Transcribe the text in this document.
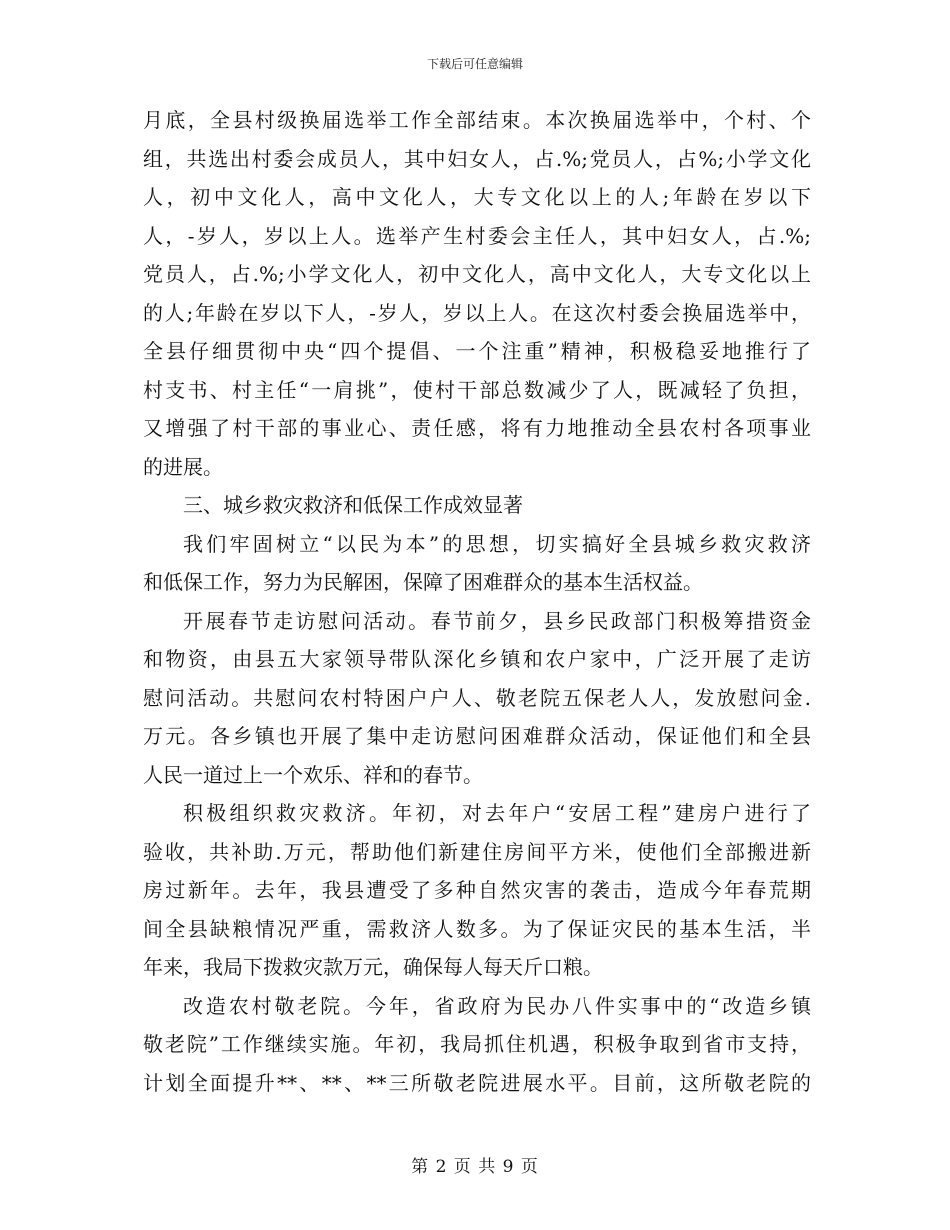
下载后可任意编辑
月底，全县村级换届选举工作全部结束。本次换届选举中，个村、个
组，共选出村委会成员人，其中妇女人，占.%;党员人，占%;小学文化
人，初中文化人，高中文化人，大专文化以上的人;年龄在岁以下
人，-岁人，岁以上人。选举产生村委会主任人，其中妇女人，占.%;
党员人，占.%;小学文化人，初中文化人，高中文化人，大专文化以上
的人;年龄在岁以下人，-岁人，岁以上人。在这次村委会换届选举中，
全县仔细贯彻中央“四个提倡、一个注重”精神，积极稳妥地推行了
村支书、村主任“一肩挑”，使村干部总数减少了人，既减轻了负担，
又增强了村干部的事业心、责任感，将有力地推动全县农村各项事业
的进展。
三、城乡救灾救济和低保工作成效显著
我们牢固树立“以民为本”的思想，切实搞好全县城乡救灾救济
和低保工作，努力为民解困，保障了困难群众的基本生活权益。
开展春节走访慰问活动。春节前夕，县乡民政部门积极筹措资金
和物资，由县五大家领导带队深化乡镇和农户家中，广泛开展了走访
慰问活动。共慰问农村特困户户人、敬老院五保老人人，发放慰问金.
万元。各乡镇也开展了集中走访慰问困难群众活动，保证他们和全县
人民一道过上一个欢乐、祥和的春节。
积极组织救灾救济。年初，对去年户“安居工程”建房户进行了
验收，共补助.万元，帮助他们新建住房间平方米，使他们全部搬进新
房过新年。去年，我县遭受了多种自然灾害的袭击，造成今年春荒期
间全县缺粮情况严重，需救济人数多。为了保证灾民的基本生活，半
年来，我局下拨救灾款万元，确保每人每天斤口粮。
改造农村敬老院。今年，省政府为民办八件实事中的“改造乡镇
敬老院”工作继续实施。年初，我局抓住机遇，积极争取到省市支持，
计划全面提升**、**、**三所敬老院进展水平。目前，这所敬老院的
第 2 页 共 9 页
